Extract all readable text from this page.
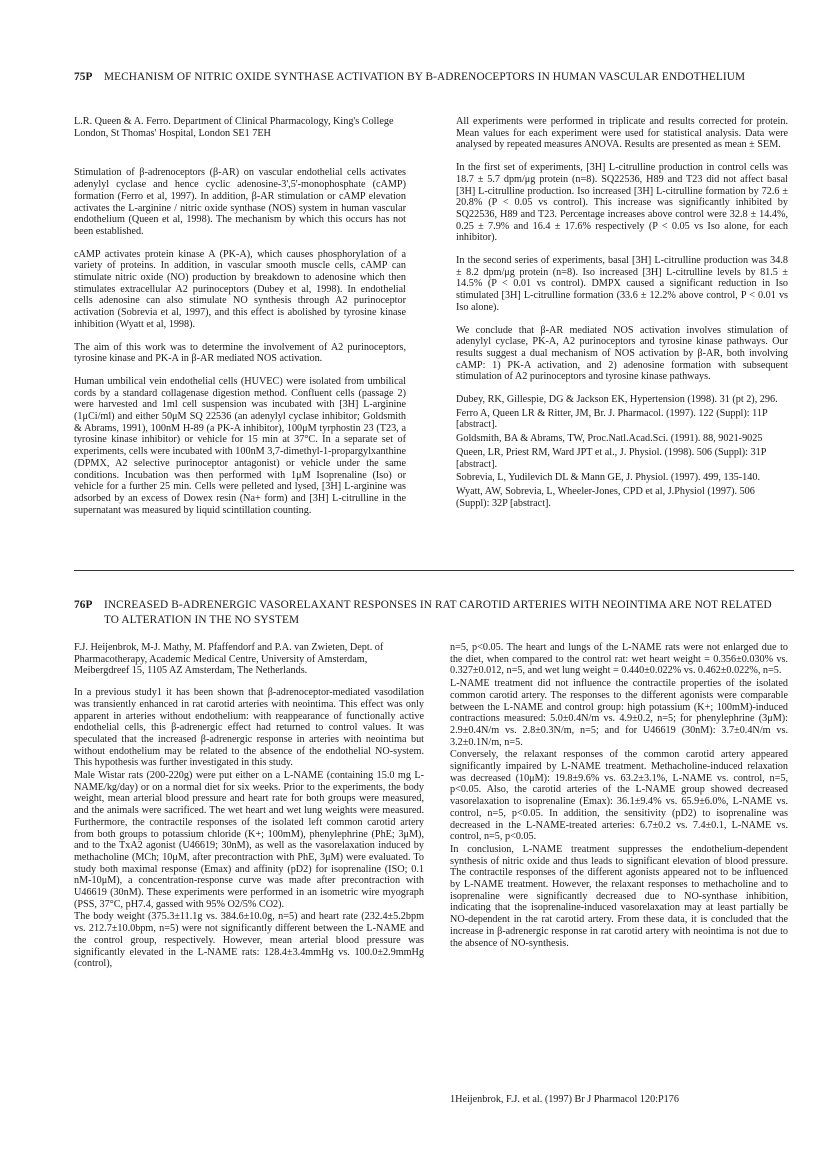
75P MECHANISM OF NITRIC OXIDE SYNTHASE ACTIVATION BY Β-ADRENOCEPTORS IN HUMAN VASCULAR ENDOTHELIUM

L.R. Queen & A. Ferro. Department of Clinical Pharmacology, King's College London, St Thomas' Hospital, London SE1 7EH

Stimulation of β-adrenoceptors (β-AR) on vascular endothelial cells activates adenylyl cyclase and hence cyclic adenosine-3',5'-monophosphate (cAMP) formation (Ferro et al, 1997). In addition, β-AR stimulation or cAMP elevation activates the L-arginine / nitric oxide synthase (NOS) system in human vascular endothelium (Queen et al, 1998). The mechanism by which this occurs has not been established.

cAMP activates protein kinase A (PK-A), which causes phosphorylation of a variety of proteins. In addition, in vascular smooth muscle cells, cAMP can stimulate nitric oxide (NO) production by breakdown to adenosine which then stimulates extracellular A2 purinoceptors (Dubey et al, 1998). In endothelial cells adenosine can also stimulate NO synthesis through A2 purinoceptor activation (Sobrevia et al, 1997), and this effect is abolished by tyrosine kinase inhibition (Wyatt et al, 1998).

The aim of this work was to determine the involvement of A2 purinoceptors, tyrosine kinase and PK-A in β-AR mediated NOS activation.

Human umbilical vein endothelial cells (HUVEC) were isolated from umbilical cords by a standard collagenase digestion method. Confluent cells (passage 2) were harvested and 1ml cell suspension was incubated with [3H] L-arginine (1μCi/ml) and either 50μM SQ 22536 (an adenylyl cyclase inhibitor; Goldsmith & Abrams, 1991), 100nM H-89 (a PK-A inhibitor), 100μM tyrphostin 23 (T23, a tyrosine kinase inhibitor) or vehicle for 15 min at 37°C. In a separate set of experiments, cells were incubated with 100nM 3,7-dimethyl-1-propargylxanthine (DPMX, A2 selective purinoceptor antagonist) or vehicle under the same conditions. Incubation was then performed with 1μM Isoprenaline (Iso) or vehicle for a further 25 min. Cells were pelleted and lysed, [3H] L-arginine was adsorbed by an excess of Dowex resin (Na+ form) and [3H] L-citrulline in the supernatant was measured by liquid scintillation counting.

All experiments were performed in triplicate and results corrected for protein. Mean values for each experiment were used for statistical analysis. Data were analysed by repeated measures ANOVA. Results are presented as mean ± SEM.

In the first set of experiments, [3H] L-citrulline production in control cells was 18.7 ± 5.7 dpm/μg protein (n=8). SQ22536, H89 and T23 did not affect basal [3H] L-citrulline production. Iso increased [3H] L-citrulline formation by 72.6 ± 20.8% (P < 0.05 vs control). This increase was significantly inhibited by SQ22536, H89 and T23. Percentage increases above control were 32.8 ± 14.4%, 0.25 ± 7.9% and 16.4 ± 17.6% respectively (P < 0.05 vs Iso alone, for each inhibitor).

In the second series of experiments, basal [3H] L-citrulline production was 34.8 ± 8.2 dpm/μg protein (n=8). Iso increased [3H] L-citrulline levels by 81.5 ± 14.5% (P < 0.01 vs control). DMPX caused a significant reduction in Iso stimulated [3H] L-citrulline formation (33.6 ± 12.2% above control, P < 0.01 vs Iso alone).

We conclude that β-AR mediated NOS activation involves stimulation of adenylyl cyclase, PK-A, A2 purinoceptors and tyrosine kinase pathways. Our results suggest a dual mechanism of NOS activation by β-AR, both involving cAMP: 1) PK-A activation, and 2) adenosine formation with subsequent stimulation of A2 purinoceptors and tyrosine kinase pathways.

Dubey, RK, Gillespie, DG & Jackson EK, Hypertension (1998). 31 (pt 2), 296.

Ferro A, Queen LR & Ritter, JM, Br. J. Pharmacol. (1997). 122 (Suppl): 11P [abstract].

Goldsmith, BA & Abrams, TW, Proc.Natl.Acad.Sci. (1991). 88, 9021-9025

Queen, LR, Priest RM, Ward JPT et al., J. Physiol. (1998). 506 (Suppl): 31P [abstract].

Sobrevia, L, Yudilevich DL & Mann GE, J. Physiol. (1997). 499, 135-140.

Wyatt, AW, Sobrevia, L, Wheeler-Jones, CPD et al, J.Physiol (1997). 506 (Suppl): 32P [abstract].

76P INCREASED Β-ADRENERGIC VASORELAXANT RESPONSES IN RAT CAROTID ARTERIES WITH NEOINTIMA ARE NOT RELATED TO ALTERATION IN THE NO SYSTEM

F.J. Heijenbrok, M-J. Mathy, M. Pfaffendorf and P.A. van Zwieten, Dept. of Pharmacotherapy, Academic Medical Centre, University of Amsterdam, Meibergdreef 15, 1105 AZ Amsterdam, The Netherlands.

In a previous study1 it has been shown that β-adrenoceptor-mediated vasodilation was transiently enhanced in rat carotid arteries with neointima. This effect was only apparent in arteries without endothelium: with reappearance of functionally active endothelial cells, this β-adrenergic effect had returned to control values. It was speculated that the increased β-adrenergic response in arteries with neointima but without endothelium may be related to the absence of the endothelial NO-system. This hypothesis was further investigated in this study.

Male Wistar rats (200-220g) were put either on a L-NAME (containing 15.0 mg L-NAME/kg/day) or on a normal diet for six weeks. Prior to the experiments, the body weight, mean arterial blood pressure and heart rate for both groups were measured, and the animals were sacrificed. The wet heart and wet lung weights were measured. Furthermore, the contractile responses of the isolated left common carotid artery from both groups to potassium chloride (K+; 100mM), phenylephrine (PhE; 3μM), and to the TxA2 agonist (U46619; 30nM), as well as the vasorelaxation induced by methacholine (MCh; 10μM, after precontraction with PhE, 3μM) were evaluated. To study both maximal response (Emax) and affinity (pD2) for isoprenaline (ISO; 0.1 nM-10μM), a concentration-response curve was made after precontraction with U46619 (30nM). These experiments were performed in an isometric wire myograph (PSS, 37°C, pH7.4, gassed with 95% O2/5% CO2).

The body weight (375.3±11.1g vs. 384.6±10.0g, n=5) and heart rate (232.4±5.2bpm vs. 212.7±10.0bpm, n=5) were not significantly different between the L-NAME and the control group, respectively. However, mean arterial blood pressure was significantly elevated in the L-NAME rats: 128.4±3.4mmHg vs. 100.0±2.9mmHg (control),

n=5, p<0.05. The heart and lungs of the L-NAME rats were not enlarged due to the diet, when compared to the control rat: wet heart weight = 0.356±0.030% vs. 0.327±0.012, n=5, and wet lung weight = 0.440±0.022% vs. 0.462±0.022%, n=5.

L-NAME treatment did not influence the contractile properties of the isolated common carotid artery. The responses to the different agonists were comparable between the L-NAME and control group: high potassium (K+; 100mM)-induced contractions measured: 5.0±0.4N/m vs. 4.9±0.2, n=5; for phenylephrine (3μM): 2.9±0.4N/m vs. 2.8±0.3N/m, n=5; and for U46619 (30nM): 3.7±0.4N/m vs. 3.2±0.1N/m, n=5.

Conversely, the relaxant responses of the common carotid artery appeared significantly impaired by L-NAME treatment. Methacholine-induced relaxation was decreased (10μM): 19.8±9.6% vs. 63.2±3.1%, L-NAME vs. control, n=5, p<0.05. Also, the carotid arteries of the L-NAME group showed decreased vasorelaxation to isoprenaline (Emax): 36.1±9.4% vs. 65.9±6.0%, L-NAME vs. control, n=5, p<0.05. In addition, the sensitivity (pD2) to isoprenaline was decreased in the L-NAME-treated arteries: 6.7±0.2 vs. 7.4±0.1, L-NAME vs. control, n=5, p<0.05.

In conclusion, L-NAME treatment suppresses the endothelium-dependent synthesis of nitric oxide and thus leads to significant elevation of blood pressure. The contractile responses of the different agonists appeared not to be influenced by L-NAME treatment. However, the relaxant responses to methacholine and to isoprenaline were significantly decreased due to NO-synthase inhibition, indicating that the isoprenaline-induced vasorelaxation may at least partially be NO-dependent in the rat carotid artery. From these data, it is concluded that the increase in β-adrenergic response in rat carotid artery with neointima is not due to the absence of NO-synthesis.

1Heijenbrok, F.J. et al. (1997) Br J Pharmacol 120:P176
